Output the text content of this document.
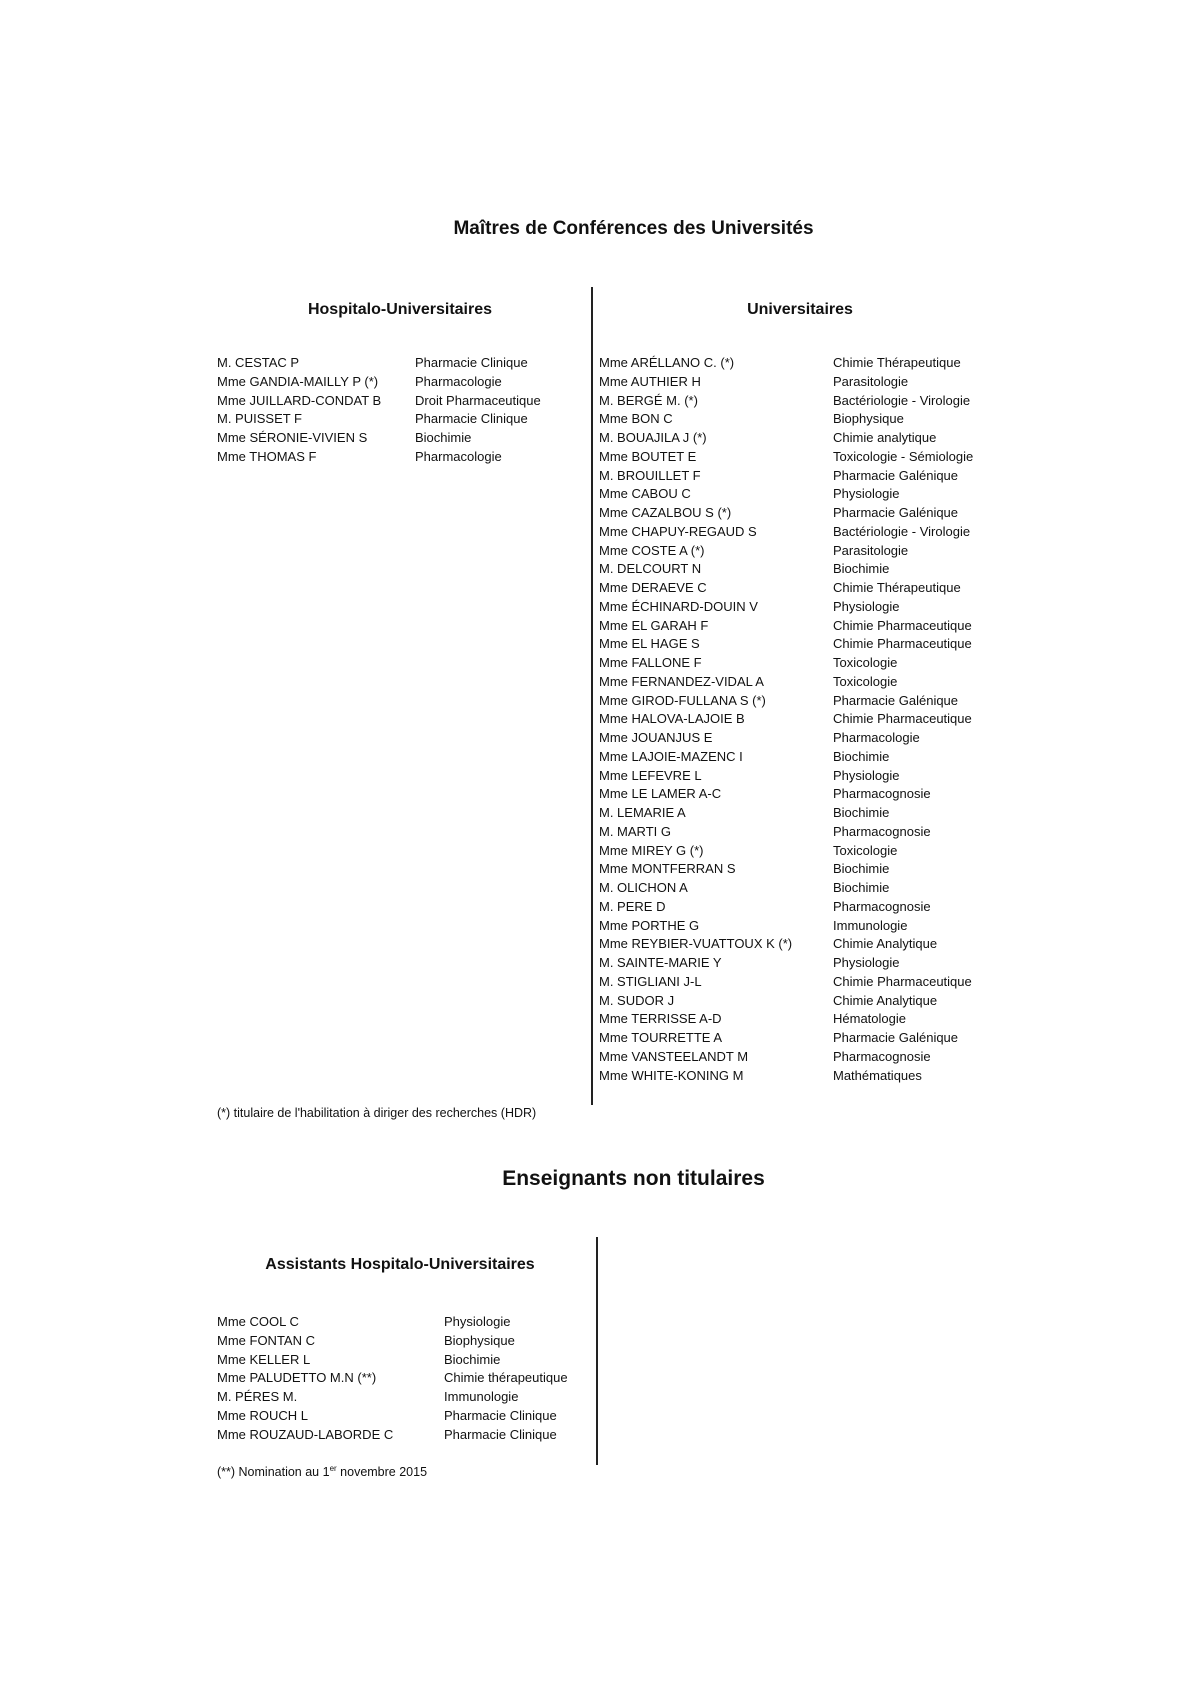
Maîtres de Conférences des Universités
Hospitalo-Universitaires	Universitaires
M. CESTAC P	Pharmacie Clinique
Mme GANDIA-MAILLY P (*)	Pharmacologie
Mme JUILLARD-CONDAT B	Droit Pharmaceutique
M. PUISSET F	Pharmacie Clinique
Mme SÉRONIE-VIVIEN S	Biochimie
Mme THOMAS F	Pharmacologie
Mme ARÉLLANO C. (*)	Chimie Thérapeutique
Mme AUTHIER H	Parasitologie
M. BERGÉ M. (*)	Bactériologie - Virologie
Mme BON C	Biophysique
M. BOUAJILA J (*)	Chimie analytique
Mme BOUTET E	Toxicologie - Sémiologie
M. BROUILLET F	Pharmacie Galénique
Mme CABOU C	Physiologie
Mme CAZALBOU S (*)	Pharmacie Galénique
Mme CHAPUY-REGAUD S	Bactériologie - Virologie
Mme COSTE A (*)	Parasitologie
M. DELCOURT N	Biochimie
Mme DERAEVE C	Chimie Thérapeutique
Mme ÉCHINARD-DOUIN V	Physiologie
Mme EL GARAH F	Chimie Pharmaceutique
Mme EL HAGE S	Chimie Pharmaceutique
Mme FALLONE F	Toxicologie
Mme FERNANDEZ-VIDAL A	Toxicologie
Mme GIROD-FULLANA S (*)	Pharmacie Galénique
Mme HALOVA-LAJOIE B	Chimie Pharmaceutique
Mme JOUANJUS E	Pharmacologie
Mme LAJOIE-MAZENC I	Biochimie
Mme LEFEVRE L	Physiologie
Mme LE LAMER A-C	Pharmacognosie
M. LEMARIE A	Biochimie
M. MARTI G	Pharmacognosie
Mme MIREY G (*)	Toxicologie
Mme MONTFERRAN S	Biochimie
M. OLICHON A	Biochimie
M. PERE D	Pharmacognosie
Mme PORTHE G	Immunologie
Mme REYBIER-VUATTOUX K (*)	Chimie Analytique
M. SAINTE-MARIE Y	Physiologie
M. STIGLIANI J-L	Chimie Pharmaceutique
M. SUDOR J	Chimie Analytique
Mme TERRISSE A-D	Hématologie
Mme TOURRETTE A	Pharmacie Galénique
Mme VANSTEELANDT M	Pharmacognosie
Mme WHITE-KONING M	Mathématiques
(*) titulaire de l'habilitation à diriger des recherches (HDR)
Enseignants non titulaires
Assistants Hospitalo-Universitaires
Mme COOL C	Physiologie
Mme FONTAN C	Biophysique
Mme KELLER L	Biochimie
Mme PALUDETTO M.N (**)	Chimie thérapeutique
M. PÉRES M.	Immunologie
Mme ROUCH L	Pharmacie Clinique
Mme ROUZAUD-LABORDE C	Pharmacie Clinique
(**) Nomination au 1er novembre 2015
